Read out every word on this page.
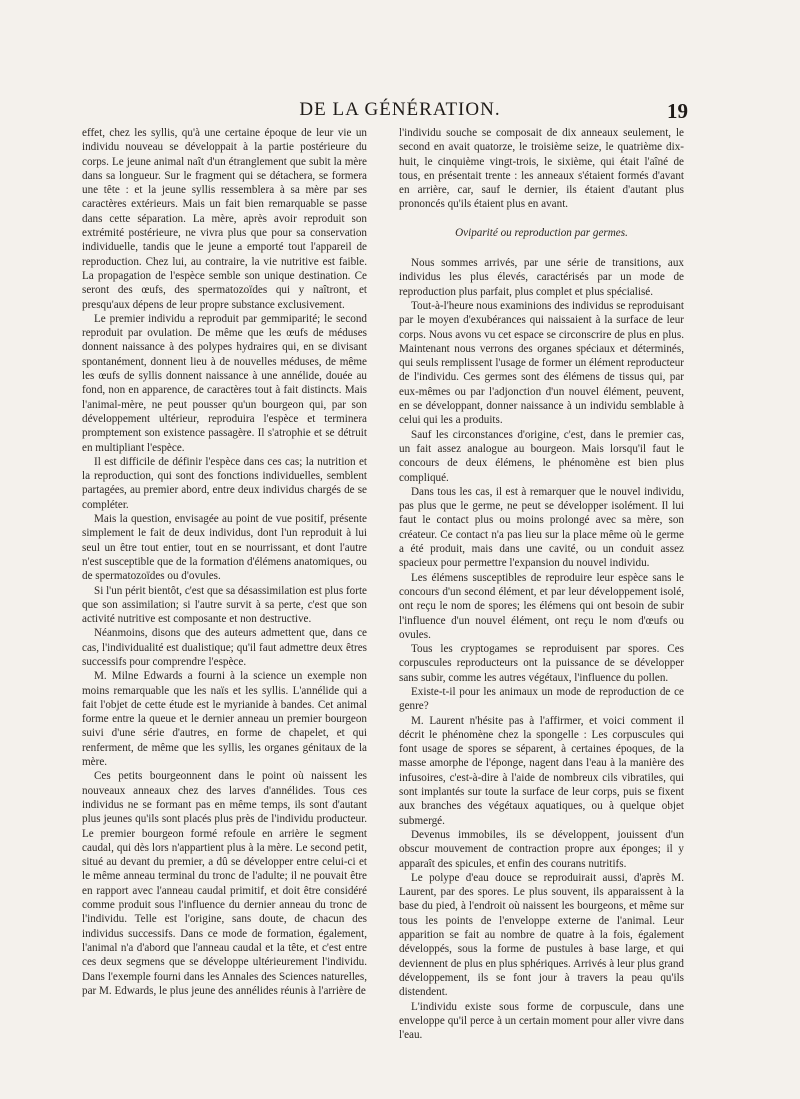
DE LA GÉNÉRATION.	19

effet, chez les syllis, qu'à une certaine époque de leur vie un individu nouveau se développait à la partie postérieure du corps. Le jeune animal naît d'un étranglement que subit la mère dans sa longueur. Sur le fragment qui se détachera, se formera une tête : et la jeune syllis ressemblera à sa mère par ses caractères extérieurs. Mais un fait bien remarquable se passe dans cette séparation. La mère, après avoir reproduit son extrémité postérieure, ne vivra plus que pour sa conservation individuelle, tandis que le jeune a emporté tout l'appareil de reproduction. Chez lui, au contraire, la vie nutritive est faible. La propagation de l'espèce semble son unique destination. Ce seront des œufs, des spermatozoïdes qui y naîtront, et presqu'aux dépens de leur propre substance exclusivement.

Le premier individu a reproduit par gemmiparité; le second reproduit par ovulation. De même que les œufs de méduses donnent naissance à des polypes hydraires qui, en se divisant spontanément, donnent lieu à de nouvelles méduses, de même les œufs de syllis donnent naissance à une annélide, douée au fond, non en apparence, de caractères tout à fait distincts. Mais l'animal-mère, ne peut pousser qu'un bourgeon qui, par son développement ultérieur, reproduira l'espèce et terminera promptement son existence passagère. Il s'atrophie et se détruit en multipliant l'espèce.

Il est difficile de définir l'espèce dans ces cas; la nutrition et la reproduction, qui sont des fonctions individuelles, semblent partagées, au premier abord, entre deux individus chargés de se compléter.

Mais la question, envisagée au point de vue positif, présente simplement le fait de deux individus, dont l'un reproduit à lui seul un être tout entier, tout en se nourrissant, et dont l'autre n'est susceptible que de la formation d'élémens anatomiques, ou de spermatozoïdes ou d'ovules.

Si l'un périt bientôt, c'est que sa désassimilation est plus forte que son assimilation; si l'autre survit à sa perte, c'est que son activité nutritive est composante et non destructive.

Néanmoins, disons que des auteurs admettent que, dans ce cas, l'individualité est dualistique; qu'il faut admettre deux êtres successifs pour comprendre l'espèce.

M. Milne Edwards a fourni à la science un exemple non moins remarquable que les naïs et les syllis. L'annélide qui a fait l'objet de cette étude est le myrianide à bandes. Cet animal forme entre la queue et le dernier anneau un premier bourgeon suivi d'une série d'autres, en forme de chapelet, et qui renferment, de même que les syllis, les organes génitaux de la mère.

Ces petits bourgeonnent dans le point où naissent les nouveaux anneaux chez des larves d'annélides. Tous ces individus ne se formant pas en même temps, ils sont d'autant plus jeunes qu'ils sont placés plus près de l'individu producteur. Le premier bourgeon formé refoule en arrière le segment caudal, qui dès lors n'appartient plus à la mère. Le second petit, situé au devant du premier, a dû se développer entre celui-ci et le même anneau terminal du tronc de l'adulte; il ne pouvait être en rapport avec l'anneau caudal primitif, et doit être considéré comme produit sous l'influence du dernier anneau du tronc de l'individu. Telle est l'origine, sans doute, de chacun des individus successifs. Dans ce mode de formation, également, l'animal n'a d'abord que l'anneau caudal et la tête, et c'est entre ces deux segmens que se développe ultérieurement l'individu. Dans l'exemple fourni dans les Annales des Sciences naturelles, par M. Edwards, le plus jeune des annélides réunis à l'arrière de

l'individu souche se composait de dix anneaux seulement, le second en avait quatorze, le troisième seize, le quatrième dix-huit, le cinquième vingt-trois, le sixième, qui était l'aîné de tous, en présentait trente : les anneaux s'étaient formés d'avant en arrière, car, sauf le dernier, ils étaient d'autant plus prononcés qu'ils étaient plus en avant.

Oviparité ou reproduction par germes.

Nous sommes arrivés, par une série de transitions, aux individus les plus élevés, caractérisés par un mode de reproduction plus parfait, plus complet et plus spécialisé.

Tout-à-l'heure nous examinions des individus se reproduisant par le moyen d'exubérances qui naissaient à la surface de leur corps. Nous avons vu cet espace se circonscrire de plus en plus. Maintenant nous verrons des organes spéciaux et déterminés, qui seuls remplissent l'usage de former un élément reproducteur de l'individu. Ces germes sont des élémens de tissus qui, par eux-mêmes ou par l'adjonction d'un nouvel élément, peuvent, en se développant, donner naissance à un individu semblable à celui qui les a produits.

Sauf les circonstances d'origine, c'est, dans le premier cas, un fait assez analogue au bourgeon. Mais lorsqu'il faut le concours de deux élémens, le phénomène est bien plus compliqué.

Dans tous les cas, il est à remarquer que le nouvel individu, pas plus que le germe, ne peut se développer isolément. Il lui faut le contact plus ou moins prolongé avec sa mère, son créateur. Ce contact n'a pas lieu sur la place même où le germe a été produit, mais dans une cavité, ou un conduit assez spacieux pour permettre l'expansion du nouvel individu.

Les élémens susceptibles de reproduire leur espèce sans le concours d'un second élément, et par leur développement isolé, ont reçu le nom de spores; les élémens qui ont besoin de subir l'influence d'un nouvel élément, ont reçu le nom d'œufs ou ovules.

Tous les cryptogames se reproduisent par spores. Ces corpuscules reproducteurs ont la puissance de se développer sans subir, comme les autres végétaux, l'influence du pollen.

Existe-t-il pour les animaux un mode de reproduction de ce genre?

M. Laurent n'hésite pas à l'affirmer, et voici comment il décrit le phénomène chez la spongelle : Les corpuscules qui font usage de spores se séparent, à certaines époques, de la masse amorphe de l'éponge, nagent dans l'eau à la manière des infusoires, c'est-à-dire à l'aide de nombreux cils vibratiles, qui sont implantés sur toute la surface de leur corps, puis se fixent aux branches des végétaux aquatiques, ou à quelque objet submergé.

Devenus immobiles, ils se développent, jouissent d'un obscur mouvement de contraction propre aux éponges; il y apparaît des spicules, et enfin des courans nutritifs.

Le polype d'eau douce se reproduirait aussi, d'après M. Laurent, par des spores. Le plus souvent, ils apparaissent à la base du pied, à l'endroit où naissent les bourgeons, et même sur tous les points de l'enveloppe externe de l'animal. Leur apparition se fait au nombre de quatre à la fois, également développés, sous la forme de pustules à base large, et qui deviennent de plus en plus sphériques. Arrivés à leur plus grand développement, ils se font jour à travers la peau qu'ils distendent.

L'individu existe sous forme de corpuscule, dans une enveloppe qu'il perce à un certain moment pour aller vivre dans l'eau.
